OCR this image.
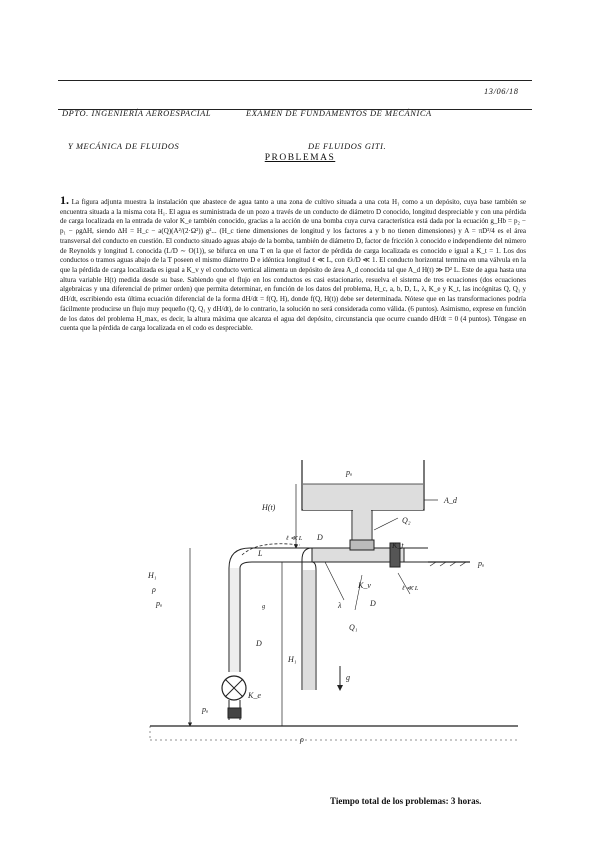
DPTO. INGENIERÍA AEROESPACIAL

Y MECÁNICA DE FLUIDOS

EXAMEN DE FUNDAMENTOS DE MECÁNICA

DE FLUIDOS GITI.

13/06/18
PROBLEMAS
1. La figura adjunta muestra la instalación que abastece de agua tanto a una zona de cultivo situada a una cota H₁ como a un depósito, cuya base también se encuentra situada a la misma cota H₁. El agua es suministrada de un pozo a través de un conducto de diámetro D conocido, longitud despreciable y con una pérdida de carga localizada en la entrada de valor K_e también conocido, gracias a la acción de una bomba cuya curva característica está dada por la ecuación g_Hb = p₂ − p₁ − ρg∆H, siendo ∆H = H_c − a(Q)(A²/(2·Ω²)) g²... (H_c tiene dimensiones de longitud y los factores a y b no tienen dimensiones) y A = πD²/4 es el área transversal del conducto en cuestión. El conducto situado aguas abajo de la bomba, también de diámetro D, factor de fricción λ conocido e independiente del número de Reynolds y longitud L conocida (L/D ∼ O(1)), se bifurca en una T en la que el factor de pérdida de carga localizada es conocido e igual a K_t = 1. Los dos conductos o tramos aguas abajo de la T poseen el mismo diámetro D e idéntica longitud ℓ ≪ L, con ℓλ/D ≪ 1. El conducto horizontal termina en una válvula en la que la pérdida de carga localizada es igual a K_v y el conducto vertical alimenta un depósito de área A_d conocida tal que A_d H(t) ≫ D² L. Este de agua hasta una altura variable H(t) medida desde su base. Sabiendo que el flujo en los conductos es casi estacionario, resuelva el sistema de tres ecuaciones (dos ecuaciones algebraicas y una diferencial de primer orden) que permita determinar, en función de los datos del problema, H_c, a, b, D, L, λ, K_e y K_t, las incógnitas Q, Q₁ y dH/dt, escribiendo esta última ecuación diferencial de la forma dH/dt = f(Q, H), donde f(Q, H(t)) debe ser determinada. Nótese que en las transformaciones podría fácilmente producirse un flujo muy pequeño (Q, Q₁ y dH/dt), de lo contrario, la solución no será considerada como válida. (6 puntos). Asimismo, exprese en función de los datos del problema H_max, es decir, la altura máxima que alcanza el agua del depósito, circunstancia que ocurre cuando dH/dt = 0 (4 puntos). Téngase en cuenta que la pérdida de carga localizada en el codo es despreciable.
pₐ
A_d
H(t)
Q₂
K_t
ℓ ≪ L D
L
pₐ
ℓ ≪ L
λ
K_v
D
Q₁
H₁
ρ
pₐ	g
D
H₁
g
K_e
pₐ
ρ
Tiempo total de los problemas: 3 horas.
